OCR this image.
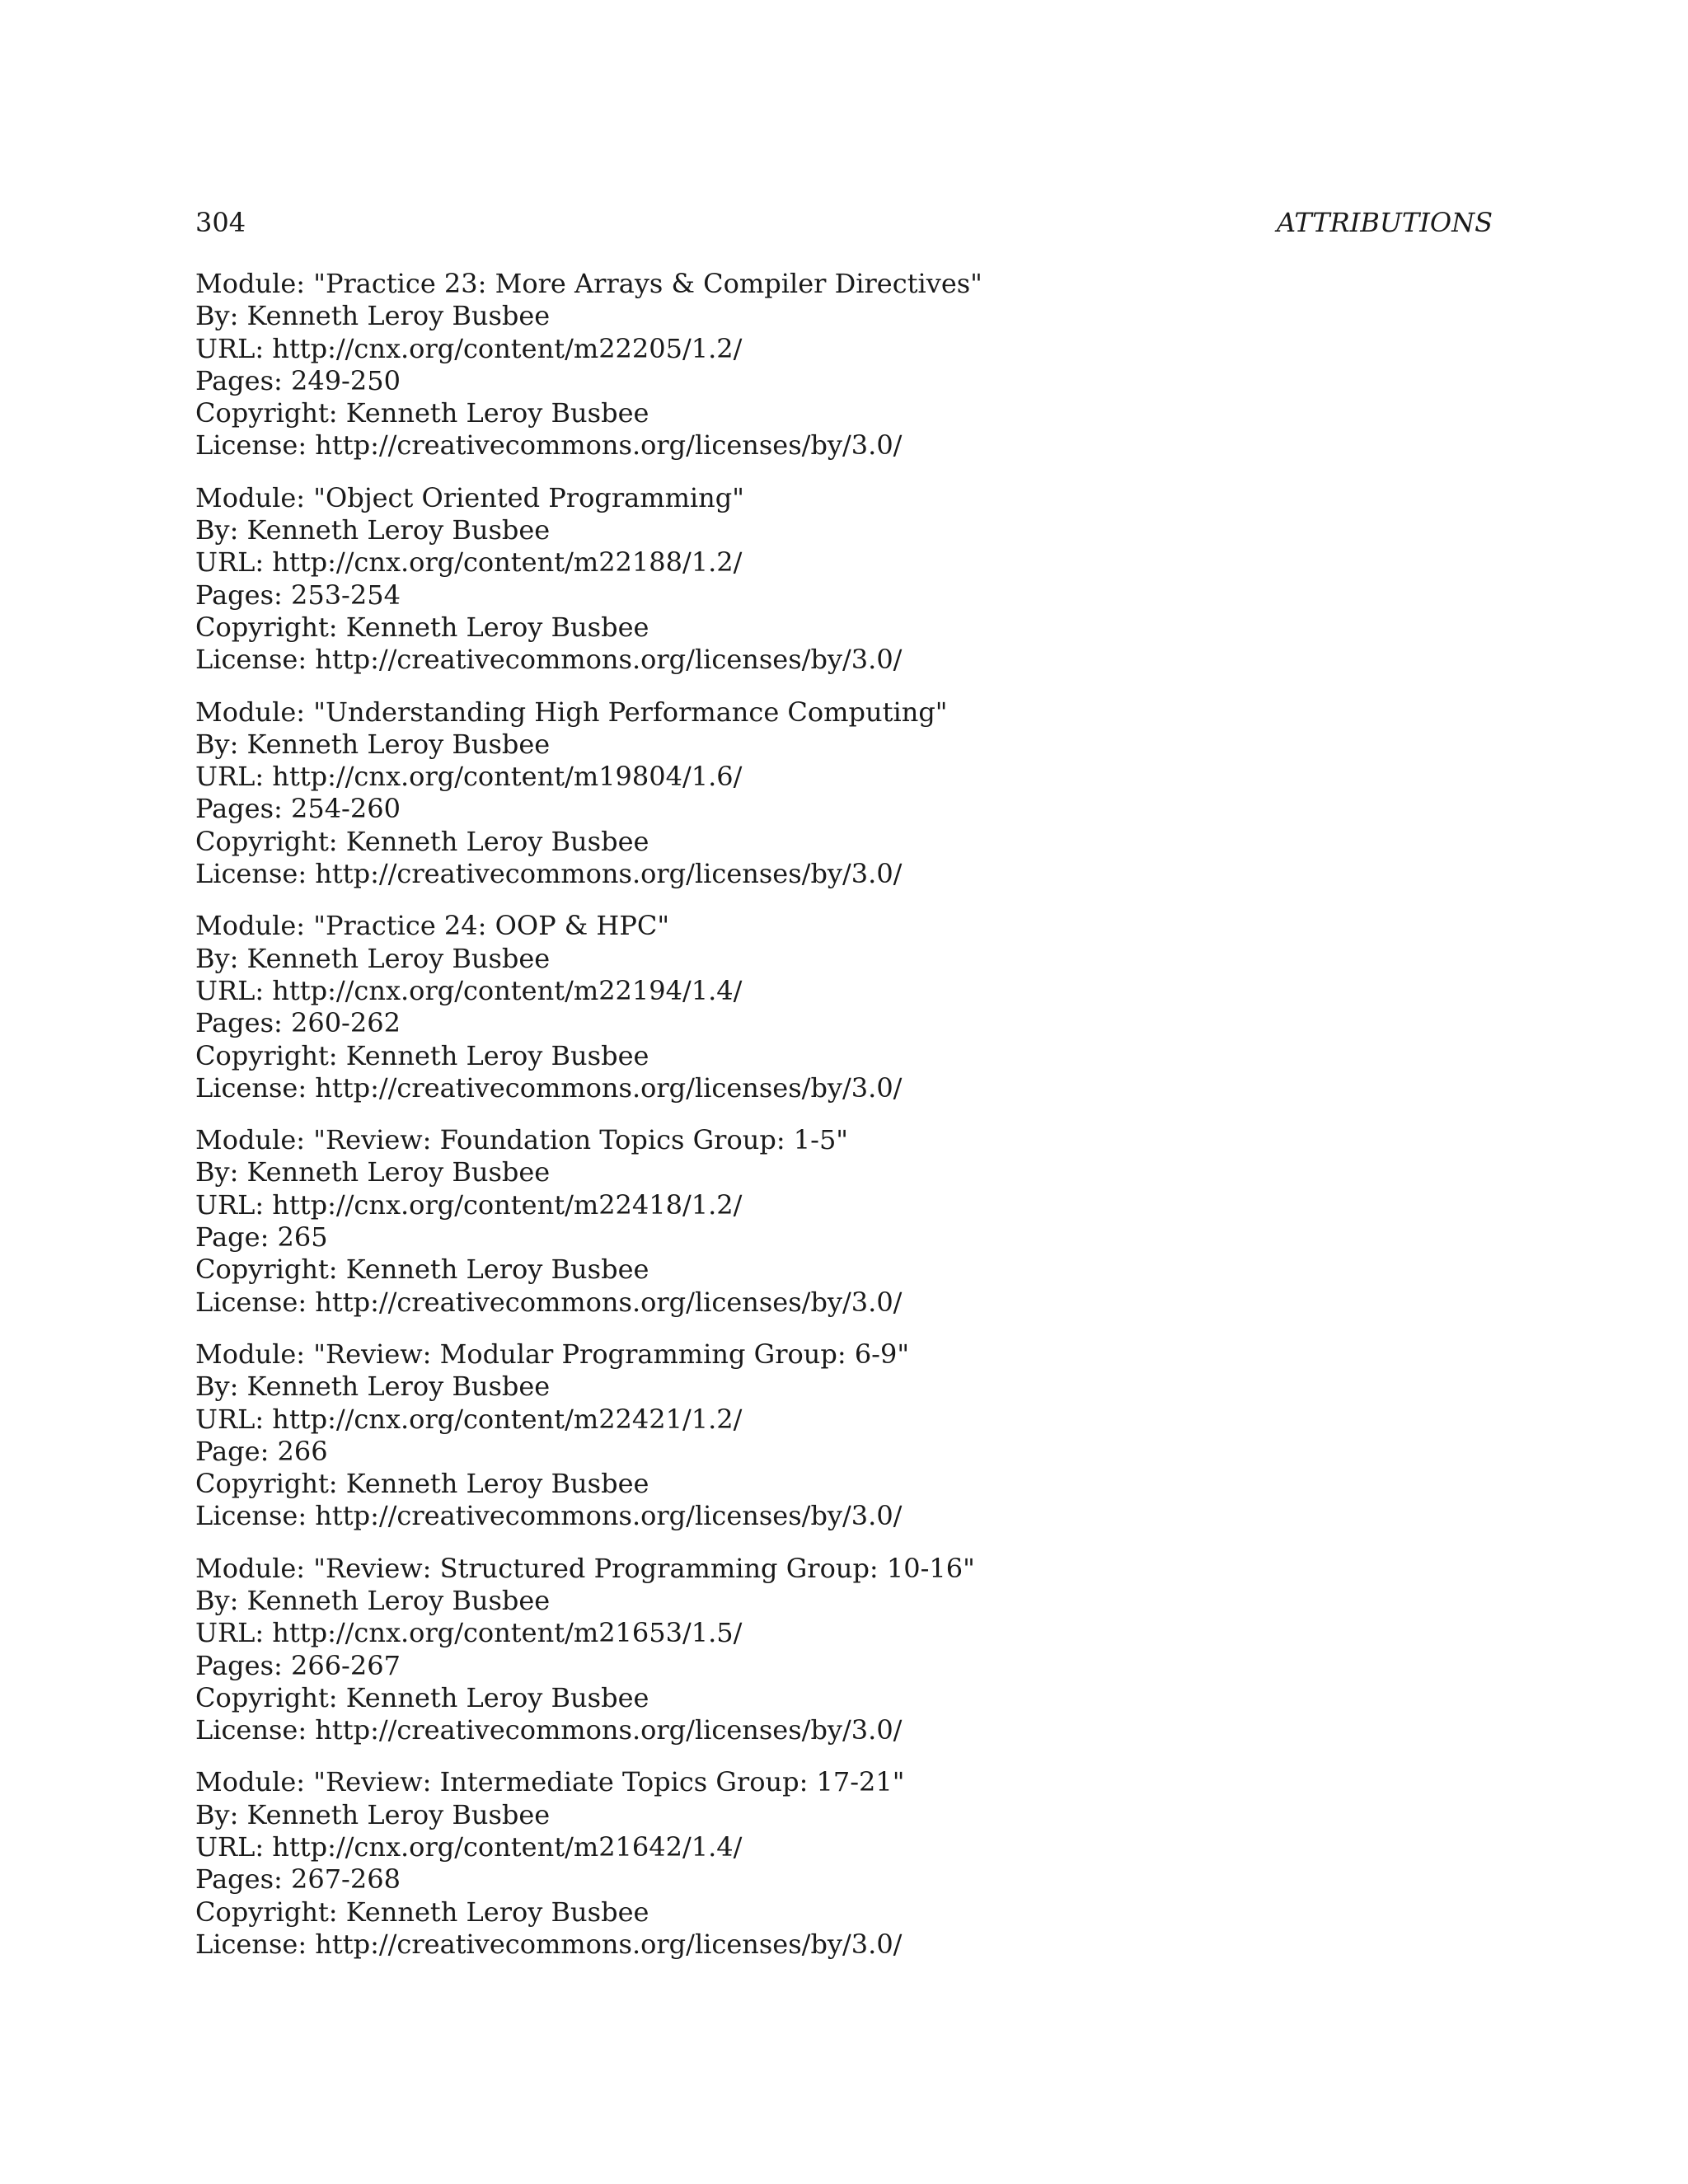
304	ATTRIBUTIONS
Module: "Practice 23: More Arrays & Compiler Directives"
By: Kenneth Leroy Busbee
URL: http://cnx.org/content/m22205/1.2/
Pages: 249-250
Copyright: Kenneth Leroy Busbee
License: http://creativecommons.org/licenses/by/3.0/
Module: "Object Oriented Programming"
By: Kenneth Leroy Busbee
URL: http://cnx.org/content/m22188/1.2/
Pages: 253-254
Copyright: Kenneth Leroy Busbee
License: http://creativecommons.org/licenses/by/3.0/
Module: "Understanding High Performance Computing"
By: Kenneth Leroy Busbee
URL: http://cnx.org/content/m19804/1.6/
Pages: 254-260
Copyright: Kenneth Leroy Busbee
License: http://creativecommons.org/licenses/by/3.0/
Module: "Practice 24: OOP & HPC"
By: Kenneth Leroy Busbee
URL: http://cnx.org/content/m22194/1.4/
Pages: 260-262
Copyright: Kenneth Leroy Busbee
License: http://creativecommons.org/licenses/by/3.0/
Module: "Review: Foundation Topics Group: 1-5"
By: Kenneth Leroy Busbee
URL: http://cnx.org/content/m22418/1.2/
Page: 265
Copyright: Kenneth Leroy Busbee
License: http://creativecommons.org/licenses/by/3.0/
Module: "Review: Modular Programming Group: 6-9"
By: Kenneth Leroy Busbee
URL: http://cnx.org/content/m22421/1.2/
Page: 266
Copyright: Kenneth Leroy Busbee
License: http://creativecommons.org/licenses/by/3.0/
Module: "Review: Structured Programming Group: 10-16"
By: Kenneth Leroy Busbee
URL: http://cnx.org/content/m21653/1.5/
Pages: 266-267
Copyright: Kenneth Leroy Busbee
License: http://creativecommons.org/licenses/by/3.0/
Module: "Review: Intermediate Topics Group: 17-21"
By: Kenneth Leroy Busbee
URL: http://cnx.org/content/m21642/1.4/
Pages: 267-268
Copyright: Kenneth Leroy Busbee
License: http://creativecommons.org/licenses/by/3.0/
